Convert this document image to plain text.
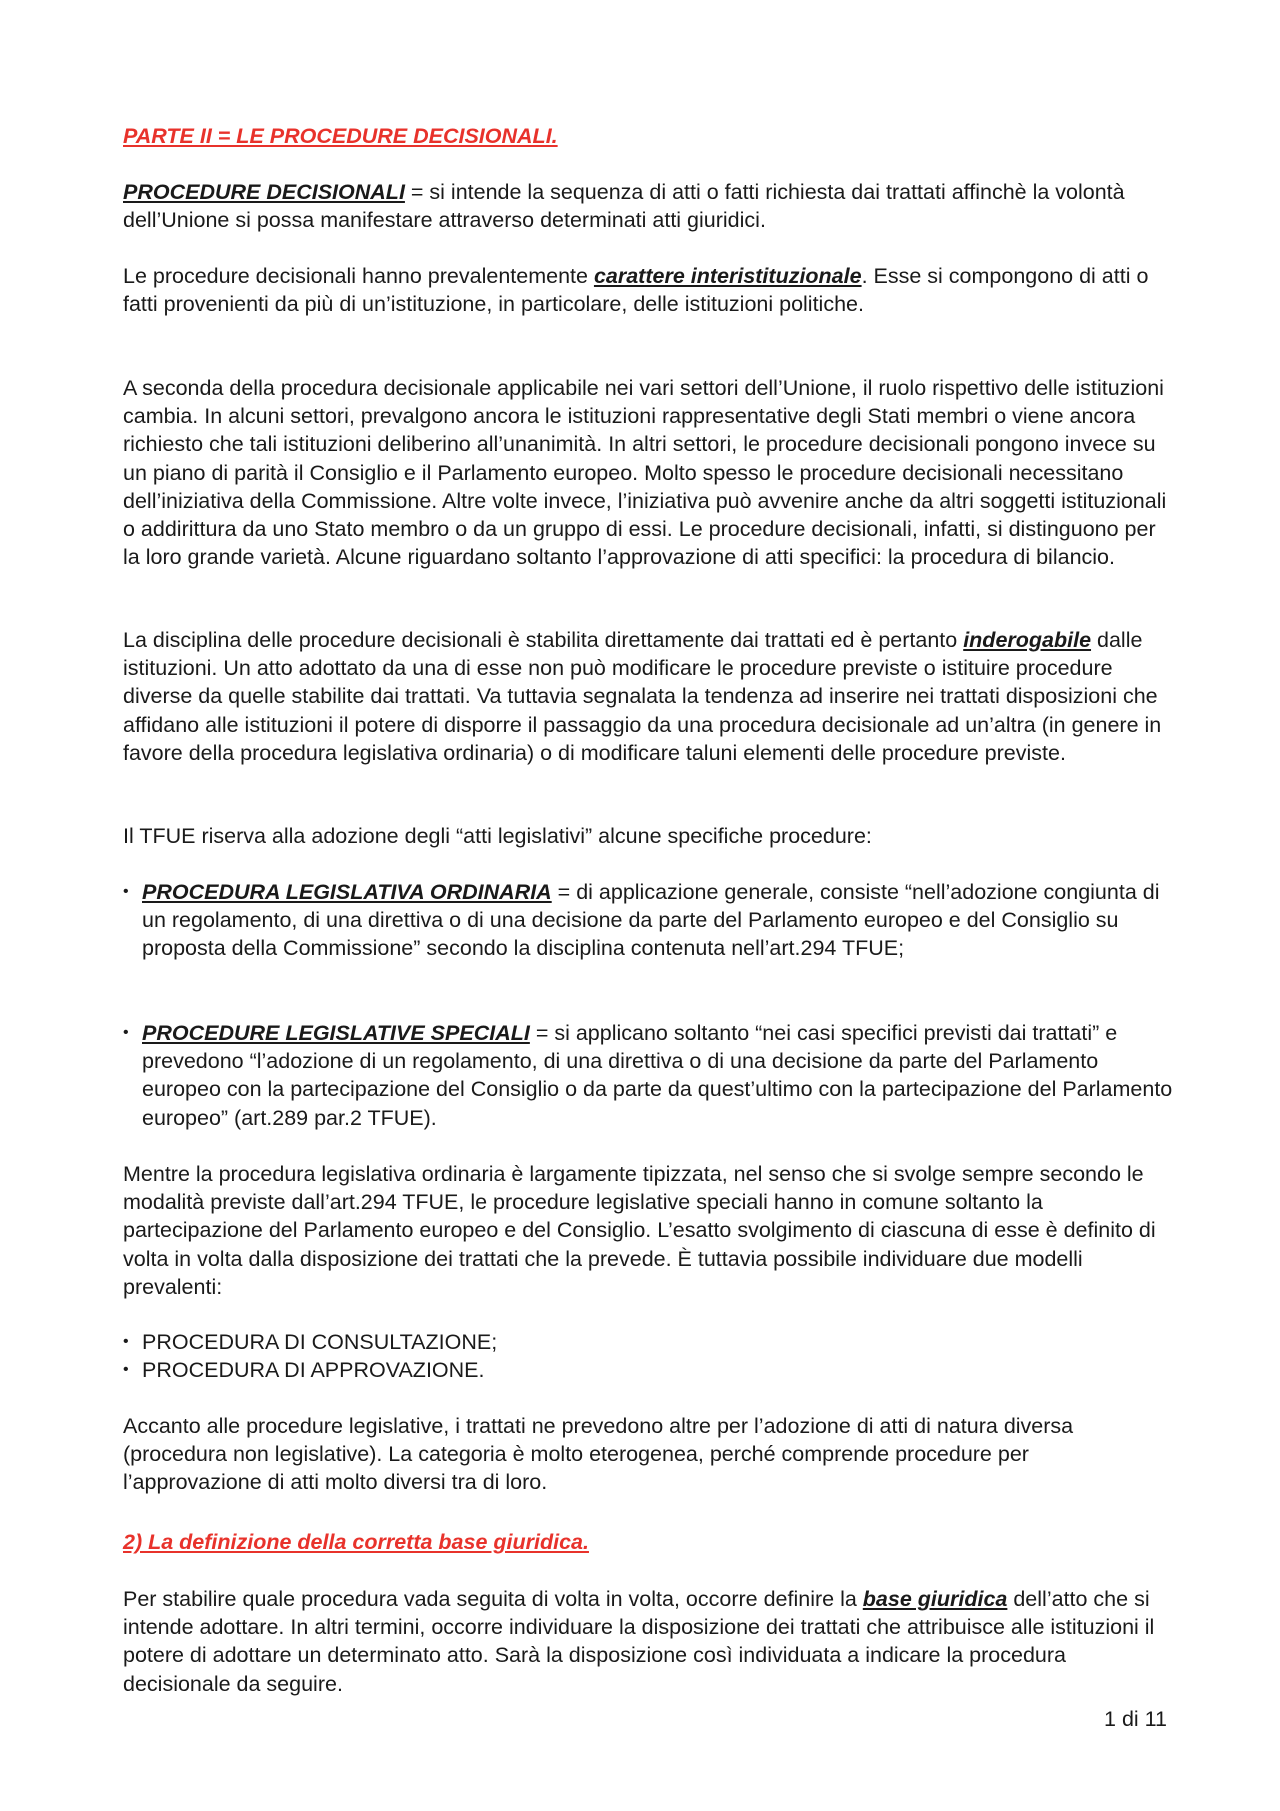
PARTE II = LE PROCEDURE DECISIONALI.

PROCEDURE DECISIONALI = si intende la sequenza di atti o fatti richiesta dai trattati affinchè la volontà dell’Unione si possa manifestare attraverso determinati atti giuridici.

Le procedure decisionali hanno prevalentemente carattere interistituzionale. Esse si compongono di atti o fatti provenienti da più di un’istituzione, in particolare, delle istituzioni politiche.

A seconda della procedura decisionale applicabile nei vari settori dell’Unione, il ruolo rispettivo delle istituzioni cambia. In alcuni settori, prevalgono ancora le istituzioni rappresentative degli Stati membri o viene ancora richiesto che tali istituzioni deliberino all’unanimità. In altri settori, le procedure decisionali pongono invece su un piano di parità il Consiglio e il Parlamento europeo. Molto spesso le procedure decisionali necessitano dell’iniziativa della Commissione. Altre volte invece, l’iniziativa può avvenire anche da altri soggetti istituzionali o addirittura da uno Stato membro o da un gruppo di essi. Le procedure decisionali, infatti, si distinguono per la loro grande varietà. Alcune riguardano soltanto l’approvazione di atti specifici: la procedura di bilancio.

La disciplina delle procedure decisionali è stabilita direttamente dai trattati ed è pertanto inderogabile dalle istituzioni. Un atto adottato da una di esse non può modificare le procedure previste o istituire procedure diverse da quelle stabilite dai trattati. Va tuttavia segnalata la tendenza ad inserire nei trattati disposizioni che affidano alle istituzioni il potere di disporre il passaggio da una procedura decisionale ad un’altra (in genere in favore della procedura legislativa ordinaria) o di modificare taluni elementi delle procedure previste.

Il TFUE riserva alla adozione degli “atti legislativi” alcune specifiche procedure:

• PROCEDURA LEGISLATIVA ORDINARIA = di applicazione generale, consiste “nell’adozione congiunta di un regolamento, di una direttiva o di una decisione da parte del Parlamento europeo e del Consiglio su proposta della Commissione” secondo la disciplina contenuta nell’art.294 TFUE;
• PROCEDURE LEGISLATIVE SPECIALI = si applicano soltanto “nei casi specifici previsti dai trattati” e prevedono “l’adozione di un regolamento, di una direttiva o di una decisione da parte del Parlamento europeo con la partecipazione del Consiglio o da parte da quest’ultimo con la partecipazione del Parlamento europeo” (art.289 par.2 TFUE).

Mentre la procedura legislativa ordinaria è largamente tipizzata, nel senso che si svolge sempre secondo le modalità previste dall’art.294 TFUE, le procedure legislative speciali hanno in comune soltanto la partecipazione del Parlamento europeo e del Consiglio. L’esatto svolgimento di ciascuna di esse è definito di volta in volta dalla disposizione dei trattati che la prevede. È tuttavia possibile individuare due modelli prevalenti:

• PROCEDURA DI CONSULTAZIONE;
• PROCEDURA DI APPROVAZIONE.

Accanto alle procedure legislative, i trattati ne prevedono altre per l’adozione di atti di natura diversa (procedura non legislative). La categoria è molto eterogenea, perché comprende procedure per l’approvazione di atti molto diversi tra di loro.

2) La definizione della corretta base giuridica.

Per stabilire quale procedura vada seguita di volta in volta, occorre definire la base giuridica dell’atto che si intende adottare. In altri termini, occorre individuare la disposizione dei trattati che attribuisce alle istituzioni il potere di adottare un determinato atto. Sarà la disposizione così individuata a indicare la procedura decisionale da seguire.

1 di 11
